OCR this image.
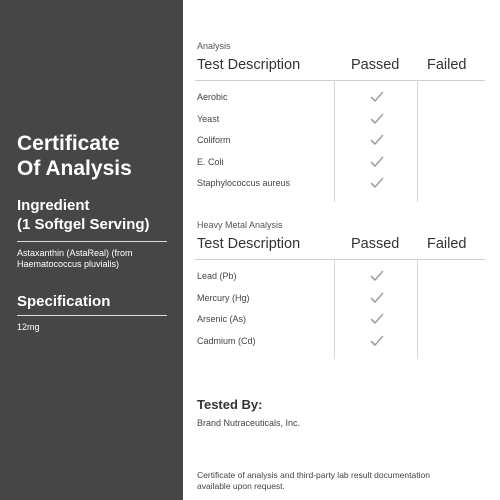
Certificate
Of Analysis
Ingredient
(1 Softgel Serving)
Astaxanthin (AstaReal) (from Haematococcus pluvialis)
Specification
12mg
Analysis
Test Description	Passed Failed
Aerobic
Yeast
Coliform
E. Coli
Staphylococcus aureus
Heavy Metal Analysis
Test Description	Passed Failed
Lead (Pb)
Mercury (Hg)
Arsenic (As)
Cadmium (Cd)
Tested By:
Brand Nutraceuticals, Inc.
Certificate of analysis and third-party lab result documentation available upon request.
